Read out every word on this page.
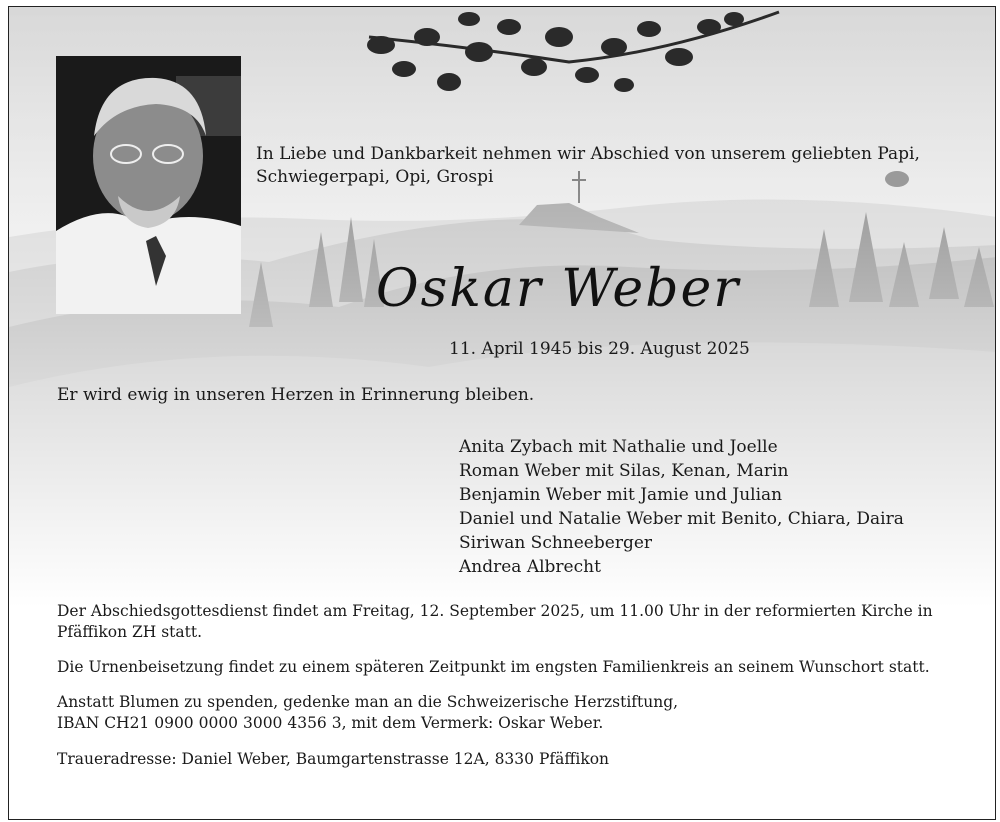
In Liebe und Dankbarkeit nehmen wir Abschied von unserem geliebten Papi,
Schwiegerpapi, Opi, Grospi
Oskar Weber
11. April 1945 bis 29. August 2025
Er wird ewig in unseren Herzen in Erinnerung bleiben.
Anita Zybach mit Nathalie und Joelle
Roman Weber mit Silas, Kenan, Marin
Benjamin Weber mit Jamie und Julian
Daniel und Natalie Weber mit Benito, Chiara, Daira
Siriwan Schneeberger
Andrea Albrecht
Der Abschiedsgottesdienst findet am Freitag, 12. September 2025, um 11.00 Uhr in der reformierten Kirche in
Pfäffikon ZH statt.
Die Urnenbeisetzung findet zu einem späteren Zeitpunkt im engsten Familienkreis an seinem Wunschort statt.
Anstatt Blumen zu spenden, gedenke man an die Schweizerische Herzstiftung,
IBAN CH21 0900 0000 3000 4356 3, mit dem Vermerk: Oskar Weber.
Traueradresse: Daniel Weber, Baumgartenstrasse 12A, 8330 Pfäffikon
